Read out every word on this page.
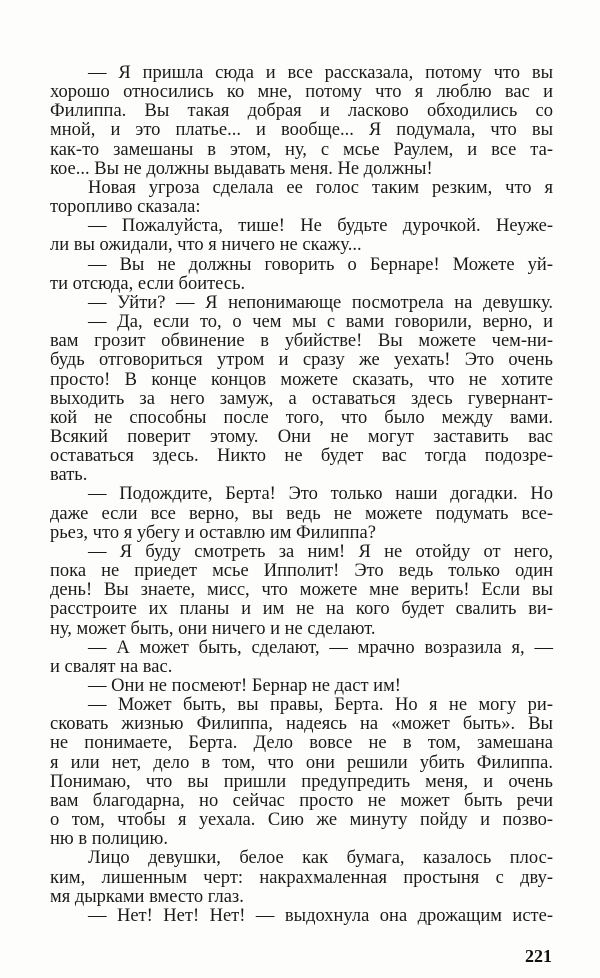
— Я пришла сюда и все рассказала, потому что вы
хорошо относились ко мне, потому что я люблю вас и
Филиппа. Вы такая добрая и ласково обходились со
мной, и это платье... и вообще... Я подумала, что вы
как-то замешаны в этом, ну, с мсье Раулем, и все та-
кое... Вы не должны выдавать меня. Не должны!
Новая угроза сделала ее голос таким резким, что я
торопливо сказала:
— Пожалуйста, тише! Не будьте дурочкой. Неуже-
ли вы ожидали, что я ничего не скажу...
— Вы не должны говорить о Бернаре! Можете уй-
ти отсюда, если боитесь.
— Уйти? — Я непонимающе посмотрела на девушку.
— Да, если то, о чем мы с вами говорили, верно, и
вам грозит обвинение в убийстве! Вы можете чем-ни-
будь отговориться утром и сразу же уехать! Это очень
просто! В конце концов можете сказать, что не хотите
выходить за него замуж, а оставаться здесь гувернант-
кой не способны после того, что было между вами.
Всякий поверит этому. Они не могут заставить вас
оставаться здесь. Никто не будет вас тогда подозре-
вать.
— Подождите, Берта! Это только наши догадки. Но
даже если все верно, вы ведь не можете подумать все-
рьез, что я убегу и оставлю им Филиппа?
— Я буду смотреть за ним! Я не отойду от него,
пока не приедет мсье Ипполит! Это ведь только один
день! Вы знаете, мисс, что можете мне верить! Если вы
расстроите их планы и им не на кого будет свалить ви-
ну, может быть, они ничего и не сделают.
— А может быть, сделают, — мрачно возразила я, —
и свалят на вас.
— Они не посмеют! Бернар не даст им!
— Может быть, вы правы, Берта. Но я не могу ри-
сковать жизнью Филиппа, надеясь на «может быть». Вы
не понимаете, Берта. Дело вовсе не в том, замешана
я или нет, дело в том, что они решили убить Филиппа.
Понимаю, что вы пришли предупредить меня, и очень
вам благодарна, но сейчас просто не может быть речи
о том, чтобы я уехала. Сию же минуту пойду и позво-
ню в полицию.
Лицо девушки, белое как бумага, казалось плос-
ким, лишенным черт: накрахмаленная простыня с дву-
мя дырками вместо глаз.
— Нет! Нет! Нет! — выдохнула она дрожащим исте-
221
